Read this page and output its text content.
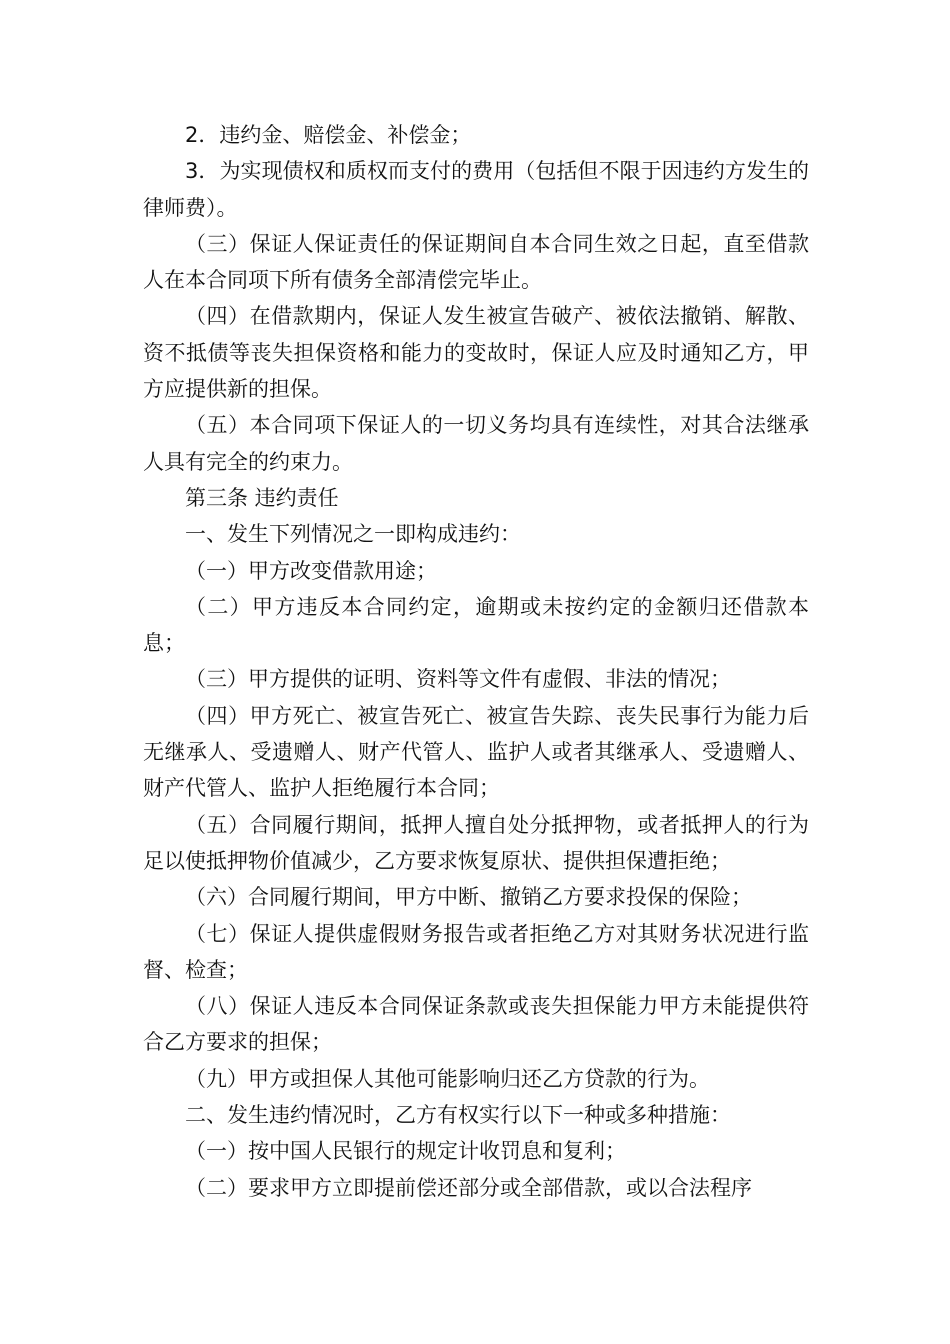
2．违约金、赔偿金、补偿金；

3．为实现债权和质权而支付的费用（包括但不限于因违约方发生的律师费）。

（三）保证人保证责任的保证期间自本合同生效之日起，直至借款人在本合同项下所有债务全部清偿完毕止。

（四）在借款期内，保证人发生被宣告破产、被依法撤销、解散、资不抵债等丧失担保资格和能力的变故时，保证人应及时通知乙方，甲方应提供新的担保。

（五）本合同项下保证人的一切义务均具有连续性，对其合法继承人具有完全的约束力。

第三条 违约责任

一、发生下列情况之一即构成违约：

（一）甲方改变借款用途；

（二）甲方违反本合同约定，逾期或未按约定的金额归还借款本息；

（三）甲方提供的证明、资料等文件有虚假、非法的情况；

（四）甲方死亡、被宣告死亡、被宣告失踪、丧失民事行为能力后无继承人、受遗赠人、财产代管人、监护人或者其继承人、受遗赠人、财产代管人、监护人拒绝履行本合同；

（五）合同履行期间，抵押人擅自处分抵押物，或者抵押人的行为足以使抵押物价值减少，乙方要求恢复原状、提供担保遭拒绝；

（六）合同履行期间，甲方中断、撤销乙方要求投保的保险；

（七）保证人提供虚假财务报告或者拒绝乙方对其财务状况进行监督、检查；

（八）保证人违反本合同保证条款或丧失担保能力甲方未能提供符合乙方要求的担保；

（九）甲方或担保人其他可能影响归还乙方贷款的行为。

二、发生违约情况时，乙方有权实行以下一种或多种措施：

（一）按中国人民银行的规定计收罚息和复利；

（二）要求甲方立即提前偿还部分或全部借款，或以合法程序
